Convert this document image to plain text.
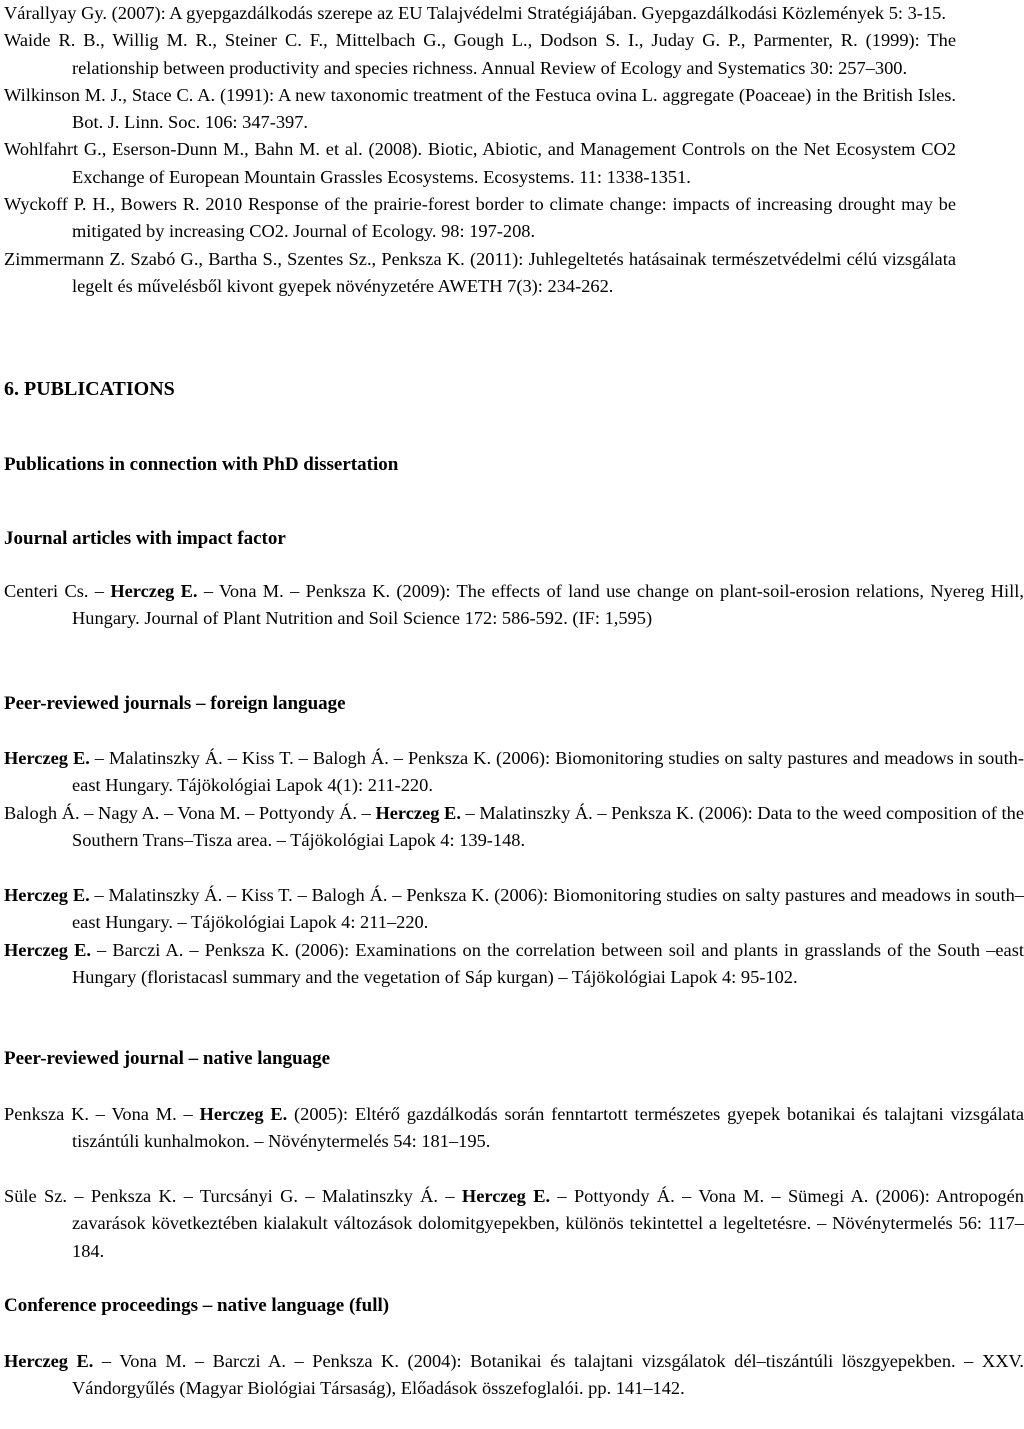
Várallyay Gy. (2007): A gyepgazdálkodás szerepe az EU Talajvédelmi Stratégiájában. Gyepgazdálkodási Közlemények 5: 3-15.

Waide R. B., Willig M. R., Steiner C. F., Mittelbach G., Gough L., Dodson S. I., Juday G. P., Parmenter, R. (1999): The relationship between productivity and species richness. Annual Review of Ecology and Systematics 30: 257–300.

Wilkinson M. J., Stace C. A. (1991): A new taxonomic treatment of the Festuca ovina L. aggregate (Poaceae) in the British Isles. Bot. J. Linn. Soc. 106: 347-397.

Wohlfahrt G., Eserson-Dunn M., Bahn M. et al. (2008). Biotic, Abiotic, and Management Controls on the Net Ecosystem CO2 Exchange of European Mountain Grassles Ecosystems. Ecosystems. 11: 1338-1351.

Wyckoff P. H., Bowers R. 2010 Response of the prairie-forest border to climate change: impacts of increasing drought may be mitigated by increasing CO2. Journal of Ecology. 98: 197-208.

Zimmermann Z. Szabó G., Bartha S., Szentes Sz., Penksza K. (2011): Juhlegeltetés hatásainak természetvédelmi célú vizsgálata legelt és művelésből kivont gyepek növényzetére AWETH 7(3): 234-262.

6. PUBLICATIONS
Publications in connection with PhD dissertation
Journal articles with impact factor

Centeri Cs. – Herczeg E. – Vona M. – Penksza K. (2009): The effects of land use change on plant-soil-erosion relations, Nyereg Hill, Hungary. Journal of Plant Nutrition and Soil Science 172: 586-592. (IF: 1,595)

Peer-reviewed journals – foreign language

Herczeg E. – Malatinszky Á. – Kiss T. – Balogh Á. – Penksza K. (2006): Biomonitoring studies on salty pastures and meadows in south-east Hungary. Tájökológiai Lapok 4(1): 211-220.

Balogh Á. – Nagy A. – Vona M. – Pottyondy Á. – Herczeg E. – Malatinszky Á. – Penksza K. (2006): Data to the weed composition of the Southern Trans–Tisza area. – Tájökológiai Lapok 4: 139-148.

Herczeg E. – Malatinszky Á. – Kiss T. – Balogh Á. – Penksza K. (2006): Biomonitoring studies on salty pastures and meadows in south–east Hungary. – Tájökológiai Lapok 4: 211–220.

Herczeg E. – Barczi A. – Penksza K. (2006): Examinations on the correlation between soil and plants in grasslands of the South –east Hungary (floristacasl summary and the vegetation of Sáp kurgan) – Tájökológiai Lapok 4: 95-102.

Peer-reviewed journal – native language

Penksza K. – Vona M. – Herczeg E. (2005): Eltérő gazdálkodás során fenntartott természetes gyepek botanikai és talajtani vizsgálata tiszántúli kunhalmokon. – Növénytermelés 54: 181–195.

Süle Sz. – Penksza K. – Turcsányi G. – Malatinszky Á. – Herczeg E. – Pottyondy Á. – Vona M. – Sümegi A. (2006): Antropogén zavarások következtében kialakult változások dolomitgyepekben, különös tekintettel a legeltetésre. – Növénytermelés 56: 117–184.

Conference proceedings – native language (full)

Herczeg E. – Vona M. – Barczi A. – Penksza K. (2004): Botanikai és talajtani vizsgálatok dél–tiszántúli löszgyepekben. – XXV. Vándorgyűlés (Magyar Biológiai Társaság), Előadások összefoglalói. pp. 141–142.
